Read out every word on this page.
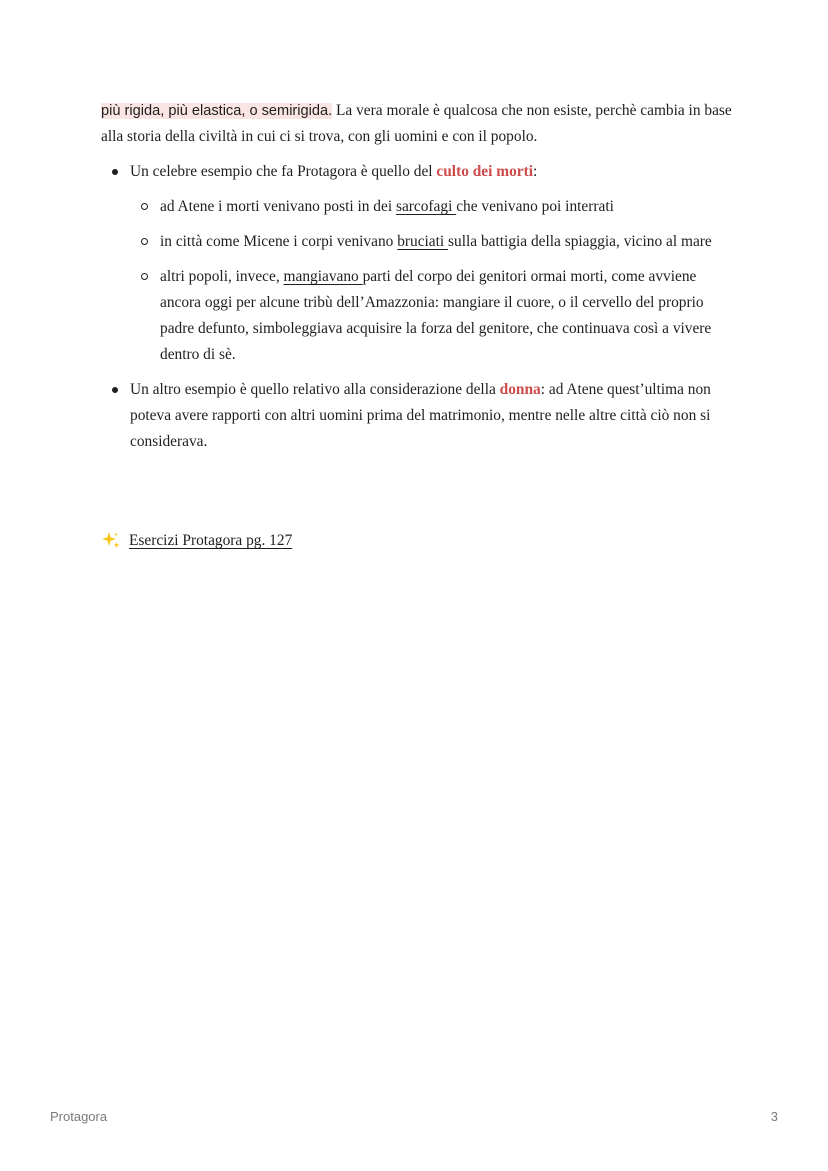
più rigida, più elastica, o semirigida. La vera morale è qualcosa che non esiste, perchè cambia in base alla storia della civiltà in cui ci si trova, con gli uomini e con il popolo.

Un celebre esempio che fa Protagora è quello del culto dei morti:
ad Atene i morti venivano posti in dei sarcofagi che venivano poi interrati
in città come Micene i corpi venivano bruciati sulla battigia della spiaggia, vicino al mare
altri popoli, invece, mangiavano parti del corpo dei genitori ormai morti, come avviene ancora oggi per alcune tribù dell’Amazzonia: mangiare il cuore, o il cervello del proprio padre defunto, simboleggiava acquisire la forza del genitore, che continuava così a vivere dentro di sè.
Un altro esempio è quello relativo alla considerazione della donna: ad Atene quest’ultima non poteva avere rapporti con altri uomini prima del matrimonio, mentre nelle altre città ciò non si considerava.
Esercizi Protagora pg. 127
Protagora	3
